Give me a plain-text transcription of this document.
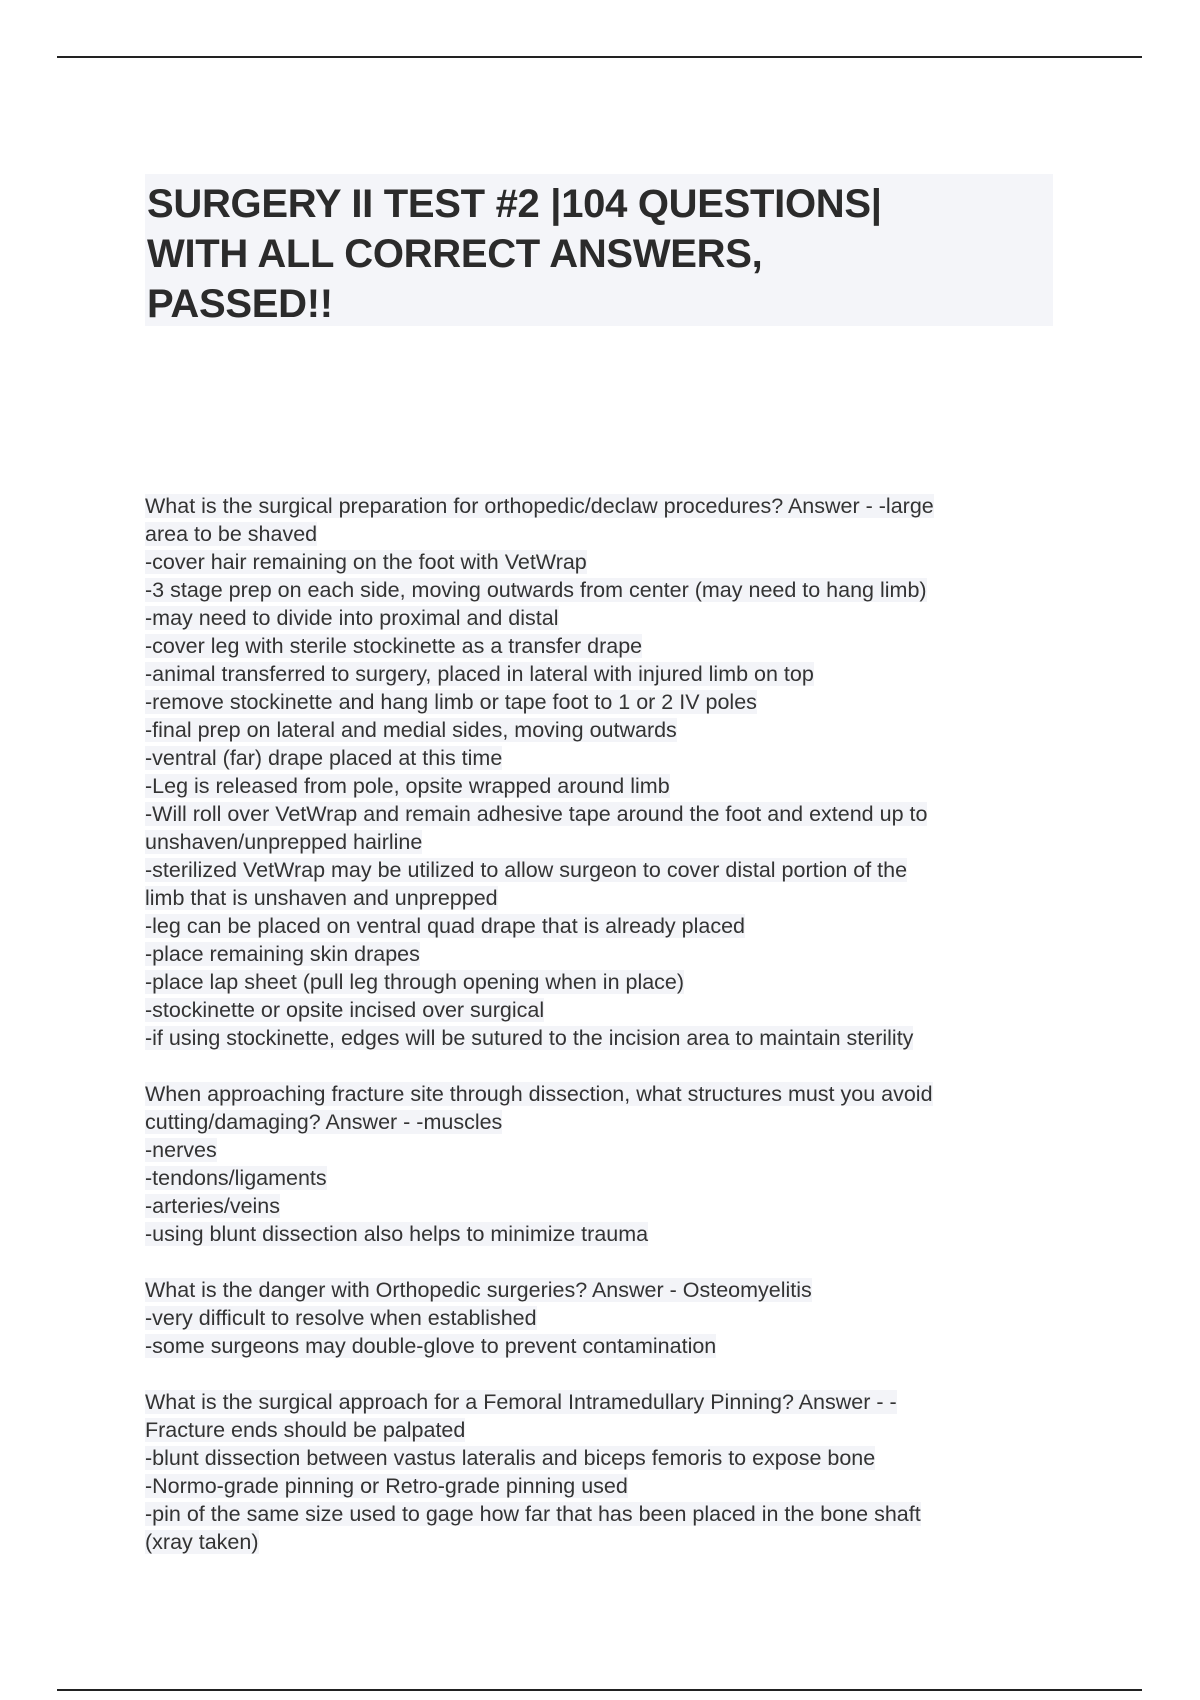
SURGERY II TEST #2 |104 QUESTIONS|
WITH ALL CORRECT ANSWERS,
PASSED!!
What is the surgical preparation for orthopedic/declaw procedures? Answer - -large
area to be shaved
-cover hair remaining on the foot with VetWrap
-3 stage prep on each side, moving outwards from center (may need to hang limb)
-may need to divide into proximal and distal
-cover leg with sterile stockinette as a transfer drape
-animal transferred to surgery, placed in lateral with injured limb on top
-remove stockinette and hang limb or tape foot to 1 or 2 IV poles
-final prep on lateral and medial sides, moving outwards
-ventral (far) drape placed at this time
-Leg is released from pole, opsite wrapped around limb
-Will roll over VetWrap and remain adhesive tape around the foot and extend up to
unshaven/unprepped hairline
-sterilized VetWrap may be utilized to allow surgeon to cover distal portion of the
limb that is unshaven and unprepped
-leg can be placed on ventral quad drape that is already placed
-place remaining skin drapes
-place lap sheet (pull leg through opening when in place)
-stockinette or opsite incised over surgical
-if using stockinette, edges will be sutured to the incision area to maintain sterility
When approaching fracture site through dissection, what structures must you avoid
cutting/damaging? Answer - -muscles
-nerves
-tendons/ligaments
-arteries/veins
-using blunt dissection also helps to minimize trauma
What is the danger with Orthopedic surgeries? Answer - Osteomyelitis
-very difficult to resolve when established
-some surgeons may double-glove to prevent contamination
What is the surgical approach for a Femoral Intramedullary Pinning? Answer - -
Fracture ends should be palpated
-blunt dissection between vastus lateralis and biceps femoris to expose bone
-Normo-grade pinning or Retro-grade pinning used
-pin of the same size used to gage how far that has been placed in the bone shaft
(xray taken)
